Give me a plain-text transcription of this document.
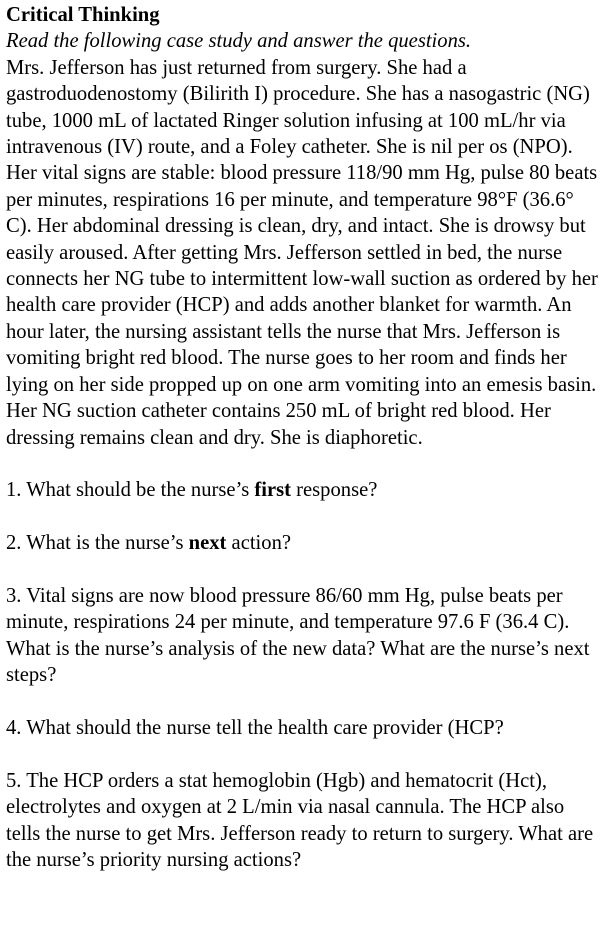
Critical Thinking

Read the following case study and answer the questions.

Mrs. Jefferson has just returned from surgery. She had a gastroduodenostomy (Bilirith I) procedure. She has a nasogastric (NG) tube, 1000 mL of lactated Ringer solution infusing at 100 mL/hr via intravenous (IV) route, and a Foley catheter. She is nil per os (NPO). Her vital signs are stable: blood pressure 118/90 mm Hg, pulse 80 beats per minutes, respirations 16 per minute, and temperature 98°F (36.6° C). Her abdominal dressing is clean, dry, and intact. She is drowsy but easily aroused. After getting Mrs. Jefferson settled in bed, the nurse connects her NG tube to intermittent low-wall suction as ordered by her health care provider (HCP) and adds another blanket for warmth. An hour later, the nursing assistant tells the nurse that Mrs. Jefferson is vomiting bright red blood. The nurse goes to her room and finds her lying on her side propped up on one arm vomiting into an emesis basin. Her NG suction catheter contains 250 mL of bright red blood. Her dressing remains clean and dry. She is diaphoretic.

1. What should be the nurse’s first response?

2. What is the nurse’s next action?

3. Vital signs are now blood pressure 86/60 mm Hg, pulse beats per minute, respirations 24 per minute, and temperature 97.6 F (36.4 C). What is the nurse’s analysis of the new data? What are the nurse’s next steps?

4. What should the nurse tell the health care provider (HCP?

5. The HCP orders a stat hemoglobin (Hgb) and hematocrit (Hct), electrolytes and oxygen at 2 L/min via nasal cannula. The HCP also tells the nurse to get Mrs. Jefferson ready to return to surgery. What are the nurse’s priority nursing actions?
